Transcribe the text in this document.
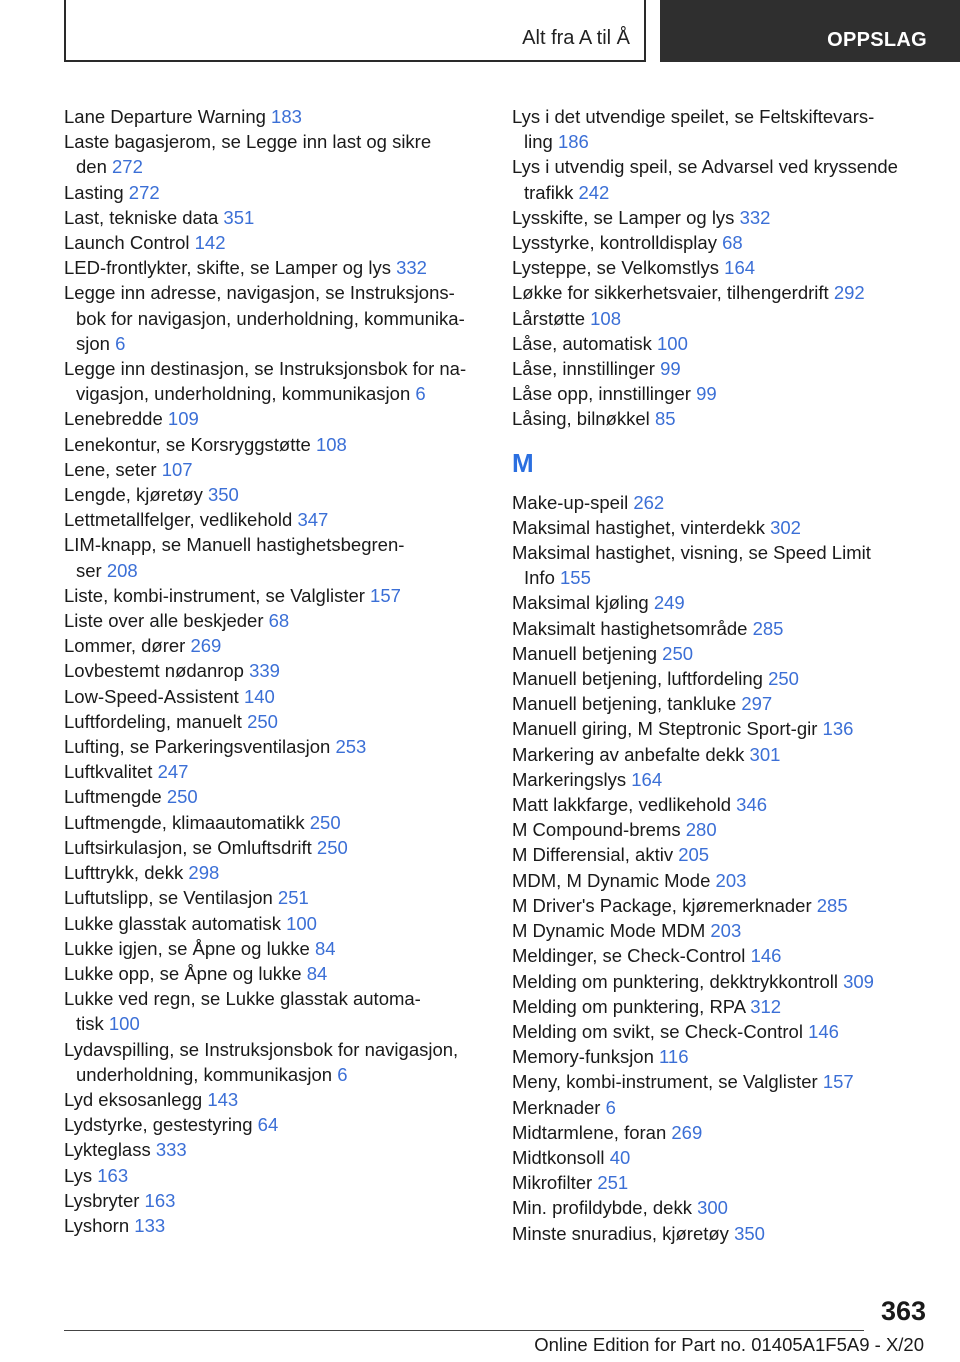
Alt fra A til Å	OPPSLAG
Lane Departure Warning 183
Laste bagasjerom, se Legge inn last og sikre
den 272
Lasting 272
Last, tekniske data 351
Launch Control 142
LED-frontlykter, skifte, se Lamper og lys 332
Legge inn adresse, navigasjon, se Instruksjons-
bok for navigasjon, underholdning, kommunika-
sjon 6
Legge inn destinasjon, se Instruksjonsbok for na-
vigasjon, underholdning, kommunikasjon 6
Lenebredde 109
Lenekontur, se Korsryggstøtte 108
Lene, seter 107
Lengde, kjøretøy 350
Lettmetallfelger, vedlikehold 347
LIM-knapp, se Manuell hastighetsbegren-
ser 208
Liste, kombi-instrument, se Valglister 157
Liste over alle beskjeder 68
Lommer, dører 269
Lovbestemt nødanrop 339
Low-Speed-Assistent 140
Luftfordeling, manuelt 250
Lufting, se Parkeringsventilasjon 253
Luftkvalitet 247
Luftmengde 250
Luftmengde, klimaautomatikk 250
Luftsirkulasjon, se Omluftsdrift 250
Lufttrykk, dekk 298
Luftutslipp, se Ventilasjon 251
Lukke glasstak automatisk 100
Lukke igjen, se Åpne og lukke 84
Lukke opp, se Åpne og lukke 84
Lukke ved regn, se Lukke glasstak automa-
tisk 100
Lydavspilling, se Instruksjonsbok for navigasjon,
underholdning, kommunikasjon 6
Lyd eksosanlegg 143
Lydstyrke, gestestyring 64
Lykteglass 333
Lys 163
Lysbryter 163
Lyshorn 133
Lys i det utvendige speilet, se Feltskiftevars-
ling 186
Lys i utvendig speil, se Advarsel ved kryssende
trafikk 242
Lysskifte, se Lamper og lys 332
Lysstyrke, kontrolldisplay 68
Lysteppe, se Velkomstlys 164
Løkke for sikkerhetsvaier, tilhengerdrift 292
Lårstøtte 108
Låse, automatisk 100
Låse, innstillinger 99
Låse opp, innstillinger 99
Låsing, bilnøkkel 85
M
Make-up-speil 262
Maksimal hastighet, vinterdekk 302
Maksimal hastighet, visning, se Speed Limit
Info 155
Maksimal kjøling 249
Maksimalt hastighetsområde 285
Manuell betjening 250
Manuell betjening, luftfordeling 250
Manuell betjening, tankluke 297
Manuell giring, M Steptronic Sport-gir 136
Markering av anbefalte dekk 301
Markeringslys 164
Matt lakkfarge, vedlikehold 346
M Compound-brems 280
M Differensial, aktiv 205
MDM, M Dynamic Mode 203
M Driver's Package, kjøremerknader 285
M Dynamic Mode MDM 203
Meldinger, se Check-Control 146
Melding om punktering, dekktrykkontroll 309
Melding om punktering, RPA 312
Melding om svikt, se Check-Control 146
Memory-funksjon 116
Meny, kombi-instrument, se Valglister 157
Merknader 6
Midtarmlene, foran 269
Midtkonsoll 40
Mikrofilter 251
Min. profildybde, dekk 300
Minste snuradius, kjøretøy 350
363
Online Edition for Part no. 01405A1F5A9 - X/20
